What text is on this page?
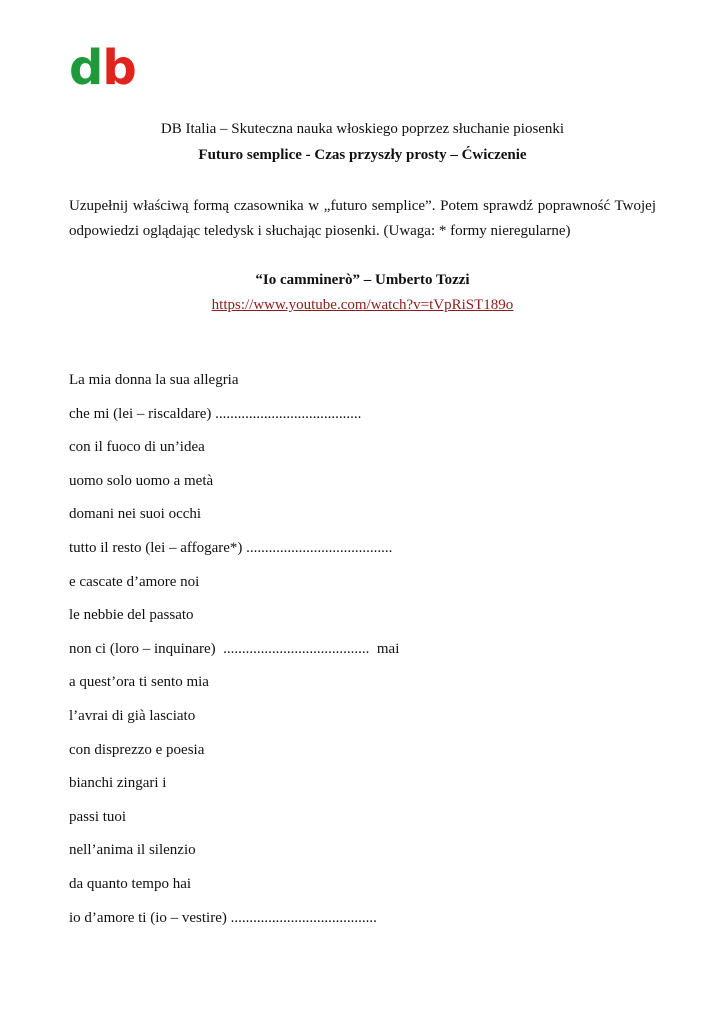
db
DB Italia – Skuteczna nauka włoskiego poprzez słuchanie piosenki
Futuro semplice - Czas przyszły prosty – Ćwiczenie
Uzupełnij właściwą formą czasownika w „futuro semplice”. Potem sprawdź poprawność Twojej odpowiedzi oglądając teledysk i słuchając piosenki. (Uwaga: * formy nieregularne)
“Io camminerò” – Umberto Tozzi
https://www.youtube.com/watch?v=tVpRiST189o
La mia donna la sua allegria
che mi (lei – riscaldare) .......................................
con il fuoco di un’idea
uomo solo uomo a metà
domani nei suoi occhi
tutto il resto (lei – affogare*) .......................................
e cascate d’amore noi
le nebbie del passato
non ci (loro – inquinare)  .......................................  mai
a quest’ora ti sento mia
l’avrai di già lasciato
con disprezzo e poesia
bianchi zingari i
passi tuoi
nell’anima il silenzio
da quanto tempo hai
io d’amore ti (io – vestire) .......................................
